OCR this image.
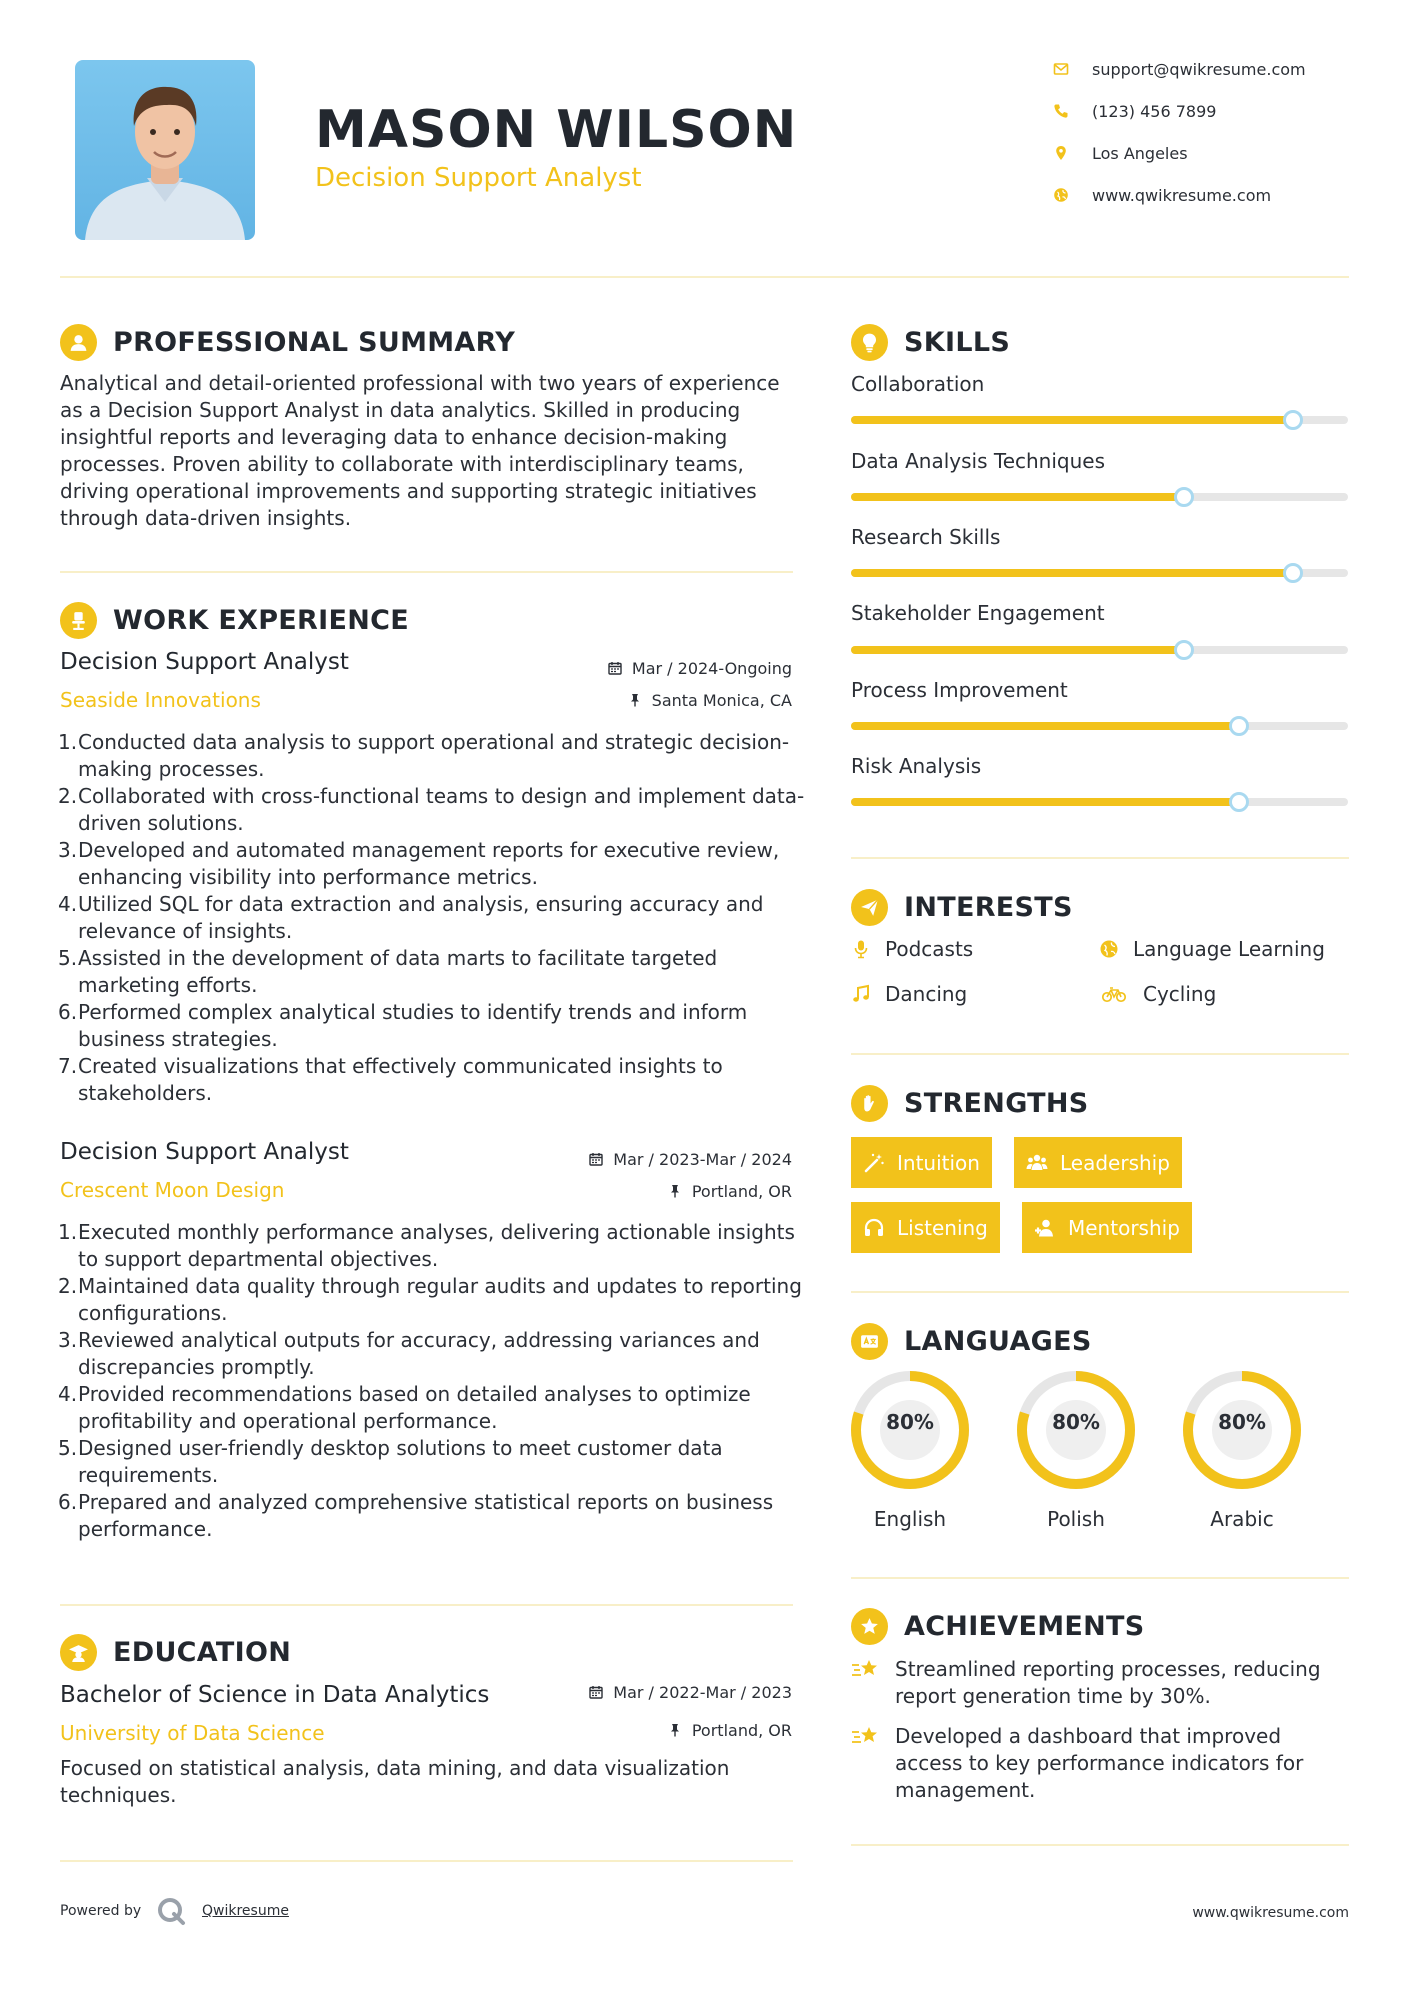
MASON WILSON
Decision Support Analyst
support@qwikresume.com
(123) 456 7899
Los Angeles
www.qwikresume.com
PROFESSIONAL SUMMARY

Analytical and detail-oriented professional with two years of experience as a Decision Support Analyst in data analytics. Skilled in producing insightful reports and leveraging data to enhance decision-making processes. Proven ability to collaborate with interdisciplinary teams, driving operational improvements and supporting strategic initiatives through data-driven insights.

WORK EXPERIENCE
Decision Support Analyst
Seaside Innovations
Mar / 2024-Ongoing
Santa Monica, CA
Conducted data analysis to support operational and strategic decision-making processes.
Collaborated with cross-functional teams to design and implement data-driven solutions.
Developed and automated management reports for executive review, enhancing visibility into performance metrics.
Utilized SQL for data extraction and analysis, ensuring accuracy and relevance of insights.
Assisted in the development of data marts to facilitate targeted marketing efforts.
Performed complex analytical studies to identify trends and inform business strategies.
Created visualizations that effectively communicated insights to stakeholders.
Decision Support Analyst
Crescent Moon Design
Mar / 2023-Mar / 2024
Portland, OR
Executed monthly performance analyses, delivering actionable insights to support departmental objectives.
Maintained data quality through regular audits and updates to reporting configurations.
Reviewed analytical outputs for accuracy, addressing variances and discrepancies promptly.
Provided recommendations based on detailed analyses to optimize profitability and operational performance.
Designed user-friendly desktop solutions to meet customer data requirements.
Prepared and analyzed comprehensive statistical reports on business performance.
EDUCATION
Bachelor of Science in Data Analytics
University of Data Science
Mar / 2022-Mar / 2023
Portland, OR

Focused on statistical analysis, data mining, and data visualization techniques.

SKILLS
Collaboration
Data Analysis Techniques
Research Skills
Stakeholder Engagement
Process Improvement
Risk Analysis
INTERESTS
Podcasts	Language Learning
Dancing	Cycling
STRENGTHS
Intuition	Leadership
Listening	Mentorship
LANGUAGES
80%
English
80%
Polish
80%
Arabic
ACHIEVEMENTS
Streamlined reporting processes, reducing report generation time by 30%.
Developed a dashboard that improved access to key performance indicators for management.
Powered by	Qwikresume	www.qwikresume.com
